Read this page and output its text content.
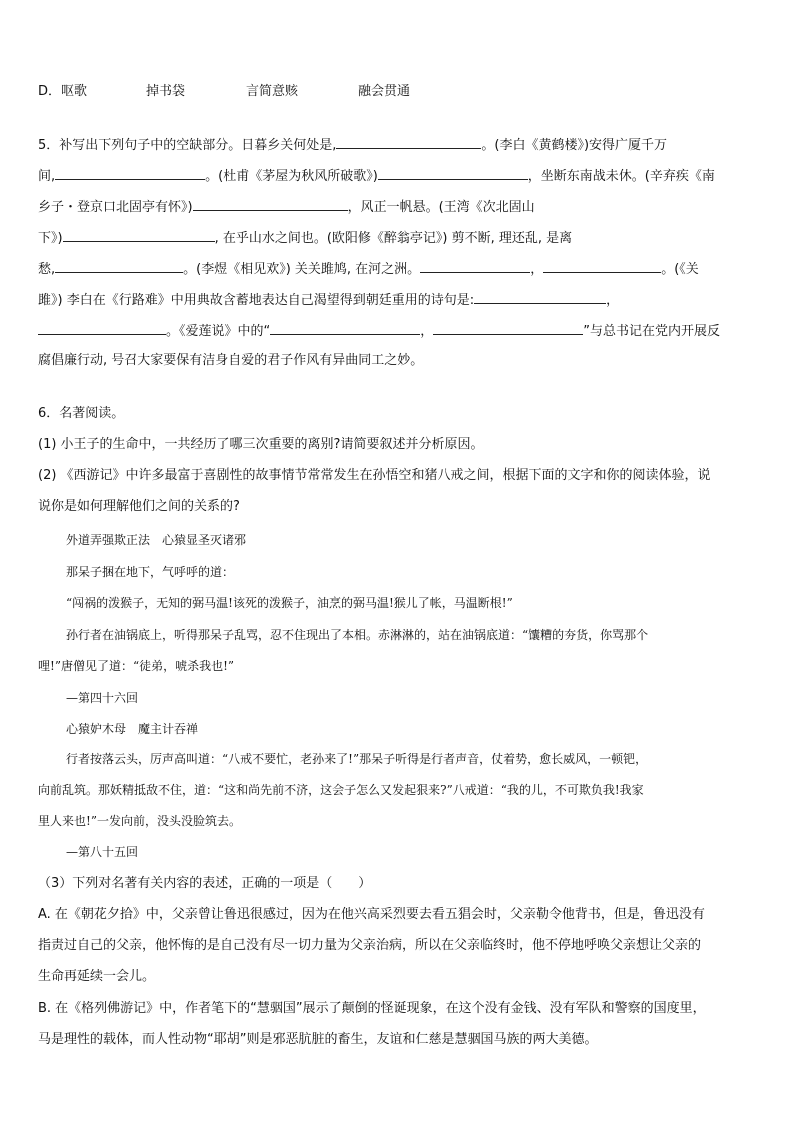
D．呕歌	掉书袋	言简意赅	融会贯通
5．补写出下列句子中的空缺部分。日暮乡关何处是,	。(李白《黄鹤楼》)安得广厦千万
间,	。(杜甫《茅屋为秋风所破歌》)	，坐断东南战未休。(辛弃疾《南
乡子・登京口北固亭有怀》)	，风正一帆悬。(王湾《次北固山
下》)	, 在乎山水之间也。(欧阳修《醉翁亭记》) 剪不断, 理还乱, 是离
愁,	。(李煜《相见欢》) 关关雎鸠, 在河之洲。	，	。(《关
雎》) 李白在《行路难》中用典故含蓄地表达自己渴望得到朝廷重用的诗句是:	，
。《爱莲说》中的“	，	”与总书记在党内开展反
腐倡廉行动, 号召大家要保有洁身自爱的君子作风有异曲同工之妙。
6．名著阅读。
(1) 小王子的生命中，一共经历了哪三次重要的离别?请简要叙述并分析原因。
(2) 《西游记》中许多最富于喜剧性的故事情节常常发生在孙悟空和猪八戒之间，根据下面的文字和你的阅读体验，说
说你是如何理解他们之间的关系的?
外道弄强欺正法　心猿显圣灭诸邪
那呆子捆在地下，气呼呼的道：
“闯祸的泼猴子，无知的弼马温!该死的泼猴子，油烹的弼马温!猴儿了帐，马温断根!”
孙行者在油锅底上，听得那呆子乱骂，忍不住现出了本相。赤淋淋的，站在油锅底道：“馕糟的夯货，你骂那个
哩!”唐僧见了道：“徒弟，唬杀我也!”
—第四十六回
心猿妒木母　魔主计吞禅
行者按落云头，厉声高叫道：“八戒不要忙，老孙来了!”那呆子听得是行者声音，仗着势，愈长威风，一顿钯，
向前乱筑。那妖精抵敌不住，道：“这和尚先前不济，这会子怎么又发起狠来?”八戒道：“我的儿，不可欺负我!我家
里人来也!”一发向前，没头没脸筑去。
—第八十五回
（3）下列对名著有关内容的表述，正确的一项是（　　）
A. 在《朝花夕拾》中，父亲曾让鲁迅很感过，因为在他兴高采烈要去看五猖会时，父亲勒令他背书，但是，鲁迅没有
指责过自己的父亲，他怀悔的是自己没有尽一切力量为父亲治病，所以在父亲临终时，他不停地呼唤父亲想让父亲的
生命再延续一会儿。
B. 在《格列佛游记》中，作者笔下的“慧骃国”展示了颠倒的怪诞现象，在这个没有金钱、没有军队和警察的国度里，
马是理性的载体，而人性动物“耶胡”则是邪恶肮脏的畜生，友谊和仁慈是慧骃国马族的两大美德。
